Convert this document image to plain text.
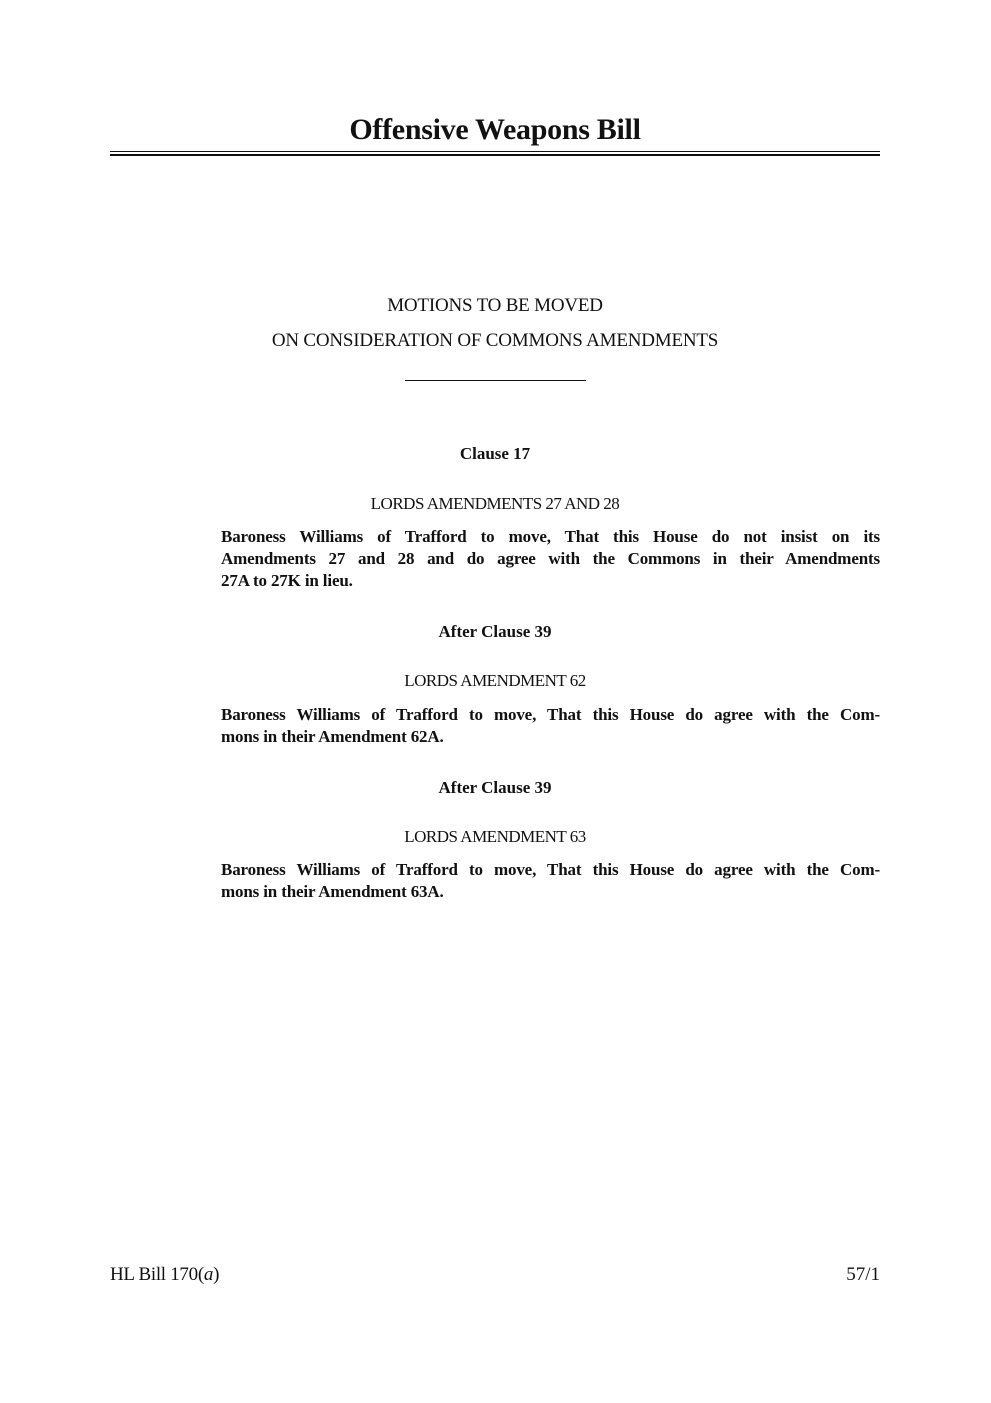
Offensive Weapons Bill
MOTIONS TO BE MOVED
ON CONSIDERATION OF COMMONS AMENDMENTS
Clause 17
LORDS AMENDMENTS 27 AND 28
Baroness Williams of Trafford to move, That this House do not insist on its
Amendments 27 and 28 and do agree with the Commons in their Amendments
27A to 27K in lieu.
After Clause 39
LORDS AMENDMENT 62
Baroness Williams of Trafford to move, That this House do agree with the Com-
mons in their Amendment 62A.
After Clause 39
LORDS AMENDMENT 63
Baroness Williams of Trafford to move, That this House do agree with the Com-
mons in their Amendment 63A.
HL Bill 170(a)	57/1
